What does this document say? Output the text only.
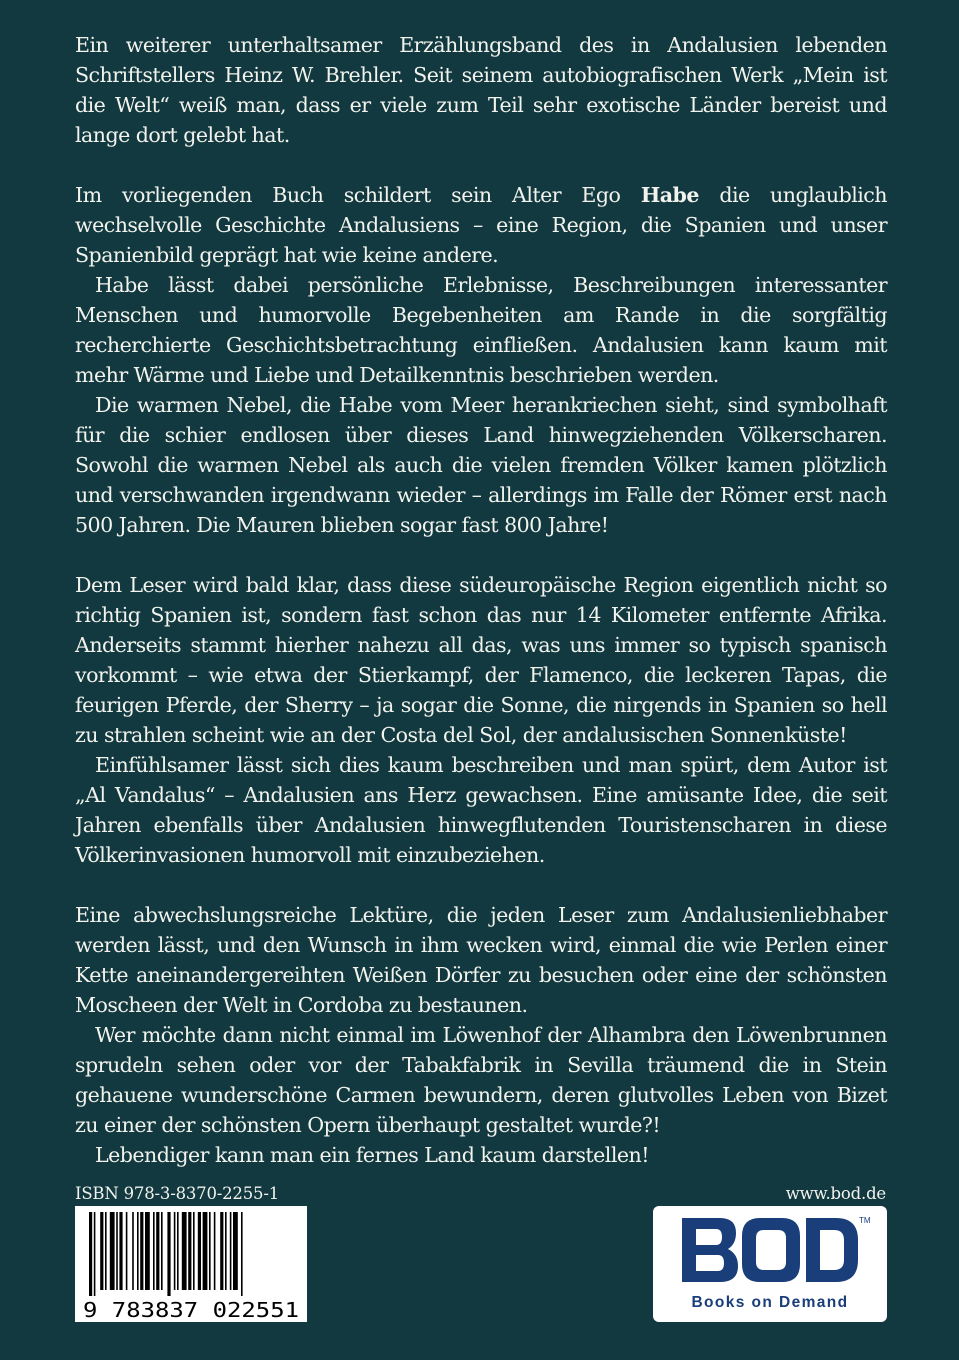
Ein weiterer unterhaltsamer Erzählungsband des in Andalusien lebenden Schriftstellers Heinz W. Brehler. Seit seinem autobiografischen Werk „Mein ist die Welt“ weiß man, dass er viele zum Teil sehr exotische Länder bereist und lange dort gelebt hat.

Im vorliegenden Buch schildert sein Alter Ego Habe die unglaublich wechselvolle Geschichte Andalusiens – eine Region, die Spanien und unser Spanienbild geprägt hat wie keine andere.

Habe lässt dabei persönliche Erlebnisse, Beschreibungen interessanter Menschen und humorvolle Begebenheiten am Rande in die sorgfältig recherchierte Geschichtsbetrachtung einfließen. Andalusien kann kaum mit mehr Wärme und Liebe und Detailkenntnis beschrieben werden.

Die warmen Nebel, die Habe vom Meer herankriechen sieht, sind symbolhaft für die schier endlosen über dieses Land hinwegziehenden Völkerscharen. Sowohl die warmen Nebel als auch die vielen fremden Völker kamen plötzlich und verschwanden irgendwann wieder – allerdings im Falle der Römer erst nach 500 Jahren. Die Mauren blieben sogar fast 800 Jahre!

Dem Leser wird bald klar, dass diese südeuropäische Region eigentlich nicht so richtig Spanien ist, sondern fast schon das nur 14 Kilometer entfernte Afrika. Anderseits stammt hierher nahezu all das, was uns immer so typisch spanisch vorkommt – wie etwa der Stierkampf, der Flamenco, die leckeren Tapas, die feurigen Pferde, der Sherry – ja sogar die Sonne, die nirgends in Spanien so hell zu strahlen scheint wie an der Costa del Sol, der andalusischen Sonnenküste!

Einfühlsamer lässt sich dies kaum beschreiben und man spürt, dem Autor ist „Al Vandalus“ – Andalusien ans Herz gewachsen. Eine amüsante Idee, die seit Jahren ebenfalls über Andalusien hinwegflutenden Touristenscharen in diese Völkerinvasionen humorvoll mit einzubeziehen.

Eine abwechslungsreiche Lektüre, die jeden Leser zum Andalusienliebhaber werden lässt, und den Wunsch in ihm wecken wird, einmal die wie Perlen einer Kette aneinandergereihten Weißen Dörfer zu besuchen oder eine der schönsten Moscheen der Welt in Cordoba zu bestaunen.

Wer möchte dann nicht einmal im Löwenhof der Alhambra den Löwenbrunnen sprudeln sehen oder vor der Tabakfabrik in Sevilla träumend die in Stein gehauene wunderschöne Carmen bewundern, deren glutvolles Leben von Bizet zu einer der schönsten Opern überhaupt gestaltet wurde?!

Lebendiger kann man ein fernes Land kaum darstellen!

ISBN 978-3-8370-2255-1	www.bod.de
9 783837 022551
TM
Books on Demand
